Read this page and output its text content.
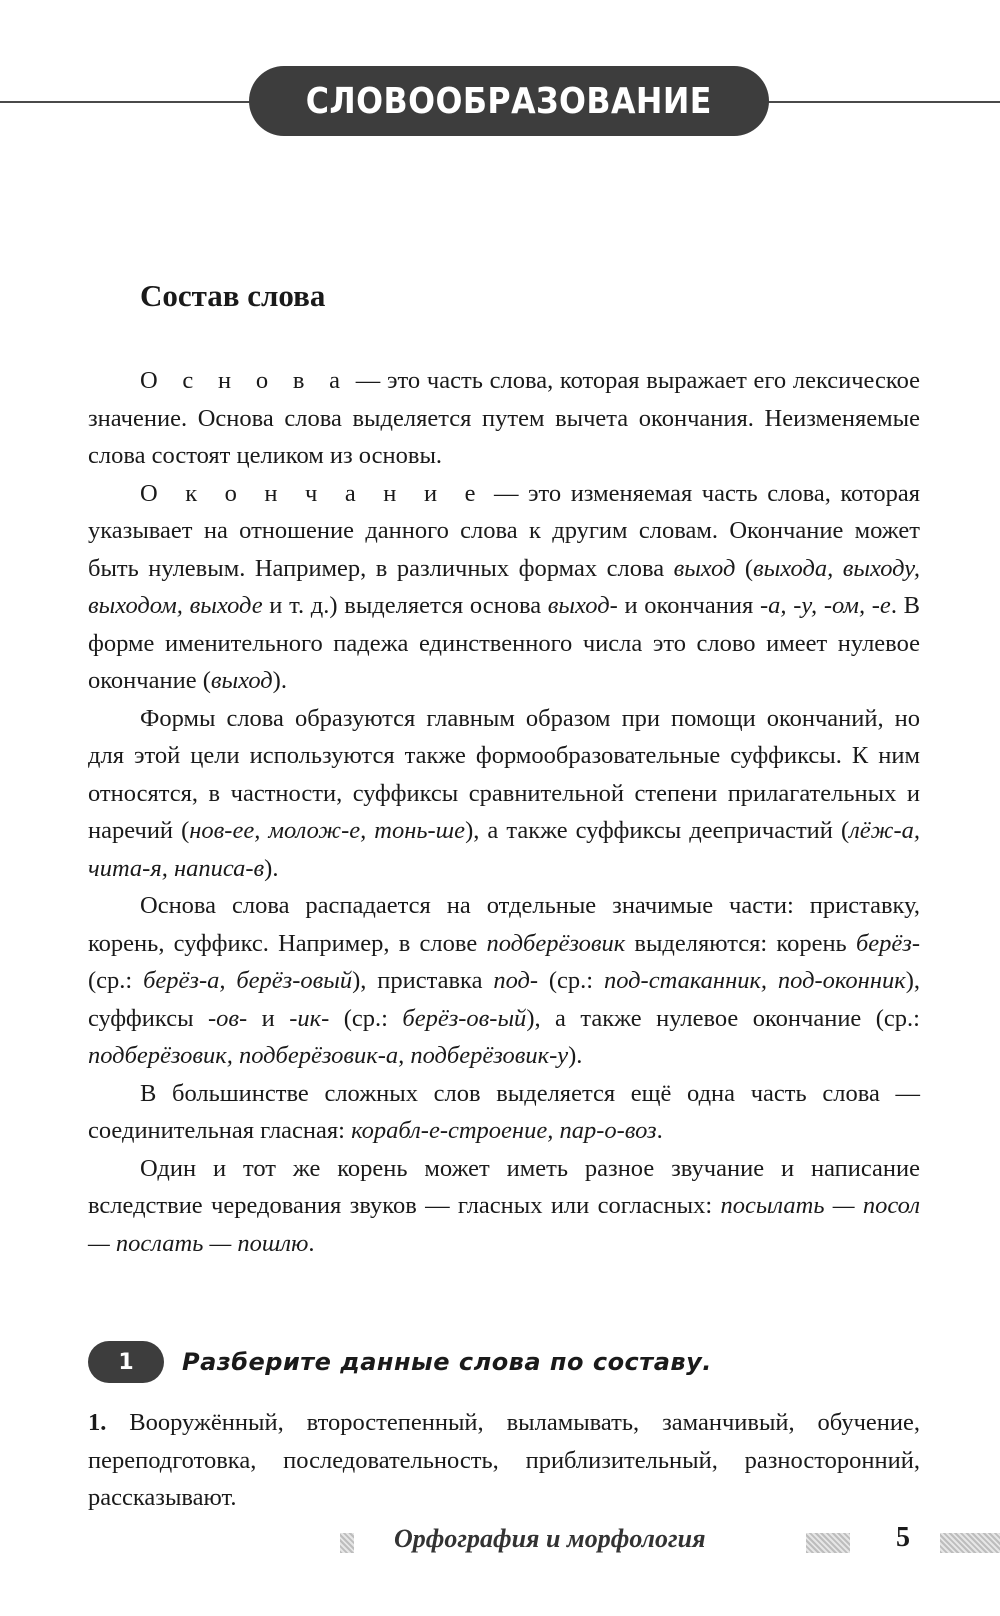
СЛОВООБРАЗОВАНИЕ
Состав слова

О с н о в а — это часть слова, которая выражает его лексическое значение. Основа слова выделяется путем вычета окончания. Неизменяемые слова состоят целиком из основы.

О к о н ч а н и е — это изменяемая часть слова, которая указывает на отношение данного слова к другим словам. Окончание может быть нулевым. Например, в различных формах слова выход (выхода, выходу, выходом, выходе и т. д.) выделяется основа выход- и окончания -а, -у, -ом, -е. В форме именительного падежа единственного числа это слово имеет нулевое окончание (выход).

Формы слова образуются главным образом при помощи окончаний, но для этой цели используются также формообразовательные суффиксы. К ним относятся, в частности, суффиксы сравнительной степени прилагательных и наречий (нов-ее, молож-е, тонь-ше), а также суффиксы деепричастий (лёж-а, чита-я, написа-в).

Основа слова распадается на отдельные значимые части: приставку, корень, суффикс. Например, в слове подберёзовик выделяются: корень берёз- (ср.: берёз-а, берёз-овый), приставка под- (ср.: под-стаканник, под-оконник), суффиксы -ов- и -ик- (ср.: берёз-ов-ый), а также нулевое окончание (ср.: подберёзовик, подберёзовик-а, подберёзовик-у).

В большинстве сложных слов выделяется ещё одна часть слова — соединительная гласная: корабл-е-строение, пар-о-воз.

Один и тот же корень может иметь разное звучание и написание вследствие чередования звуков — гласных или согласных: посылать — посол — послать — пошлю.

1	Разберите данные слова по составу.
1. Вооружённый, второстепенный, выламывать, заманчивый, обучение, переподготовка, последовательность, приблизительный, разносторонний, рассказывают.
Орфография и морфология	5
